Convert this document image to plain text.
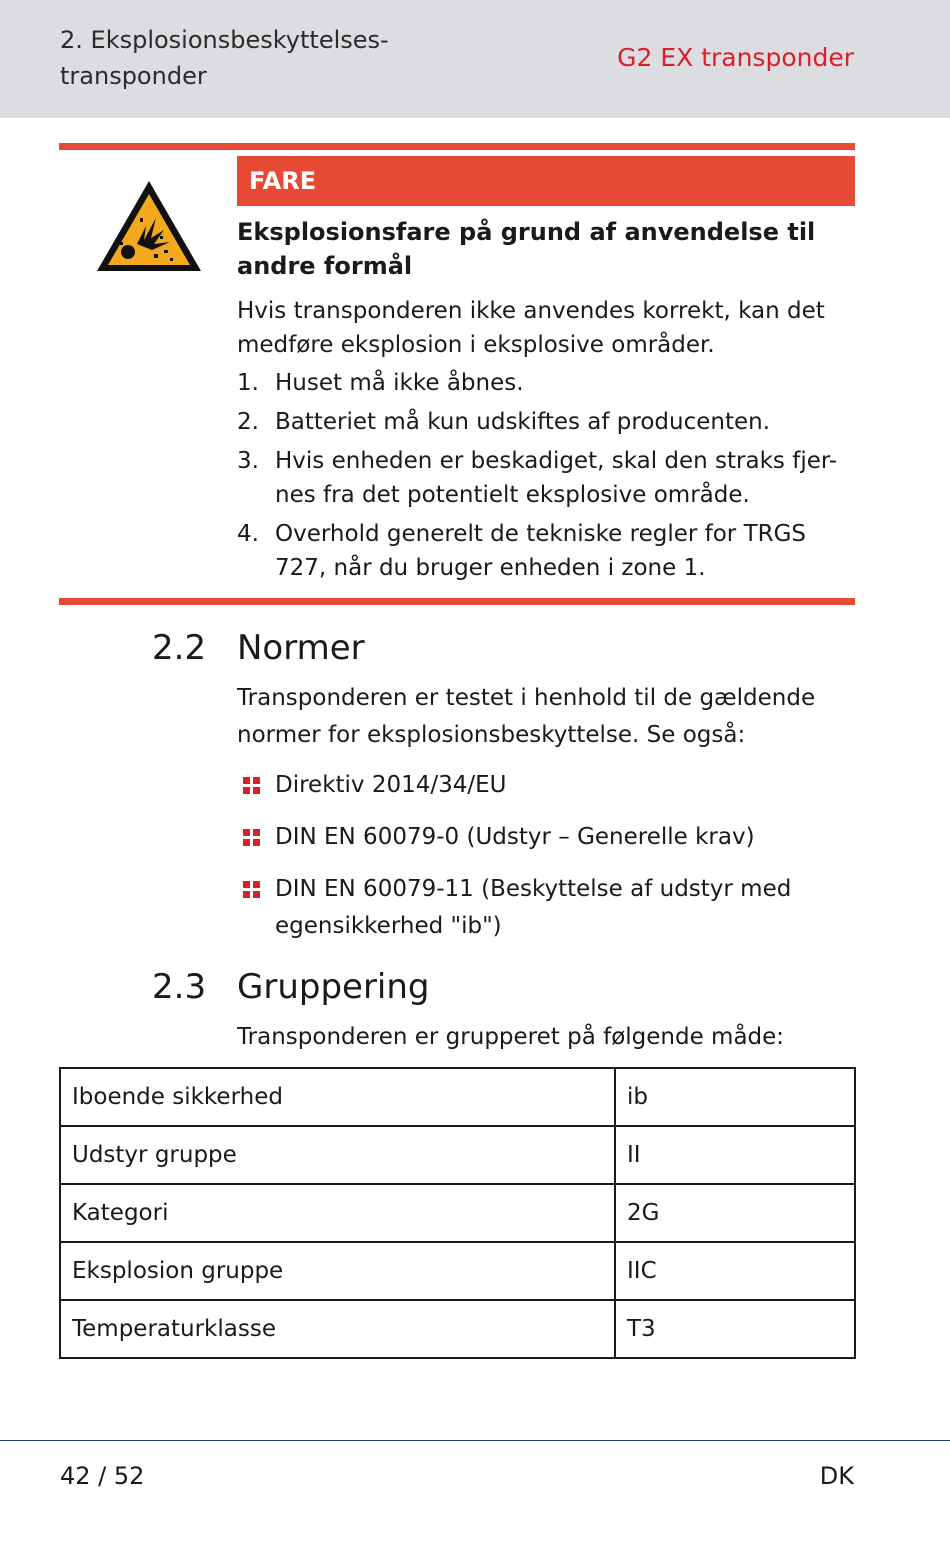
2. Eksplosionsbeskyttelses-transponder
G2 EX transponder
FARE
Eksplosionsfare på grund af anvendelse til andre formål
Hvis transponderen ikke anvendes korrekt, kan det medføre eksplosion i eksplosive områder.
1. Huset må ikke åbnes.
2. Batteriet må kun udskiftes af producenten.
3. Hvis enheden er beskadiget, skal den straks fjer-nes fra det potentielt eksplosive område.
4. Overhold generelt de tekniske regler for TRGS 727, når du bruger enheden i zone 1.
2.2 Normer
Transponderen er testet i henhold til de gældende normer for eksplosionsbeskyttelse. Se også:
Direktiv 2014/34/EU
DIN EN 60079-0 (Udstyr – Generelle krav)
DIN EN 60079-11 (Beskyttelse af udstyr med egensikkerhed "ib")
2.3 Gruppering
Transponderen er grupperet på følgende måde:
Iboende sikkerhed	ib
Udstyr gruppe	II
Kategori	2G
Eksplosion gruppe	IIC
Temperaturklasse	T3
42 / 52	DK
